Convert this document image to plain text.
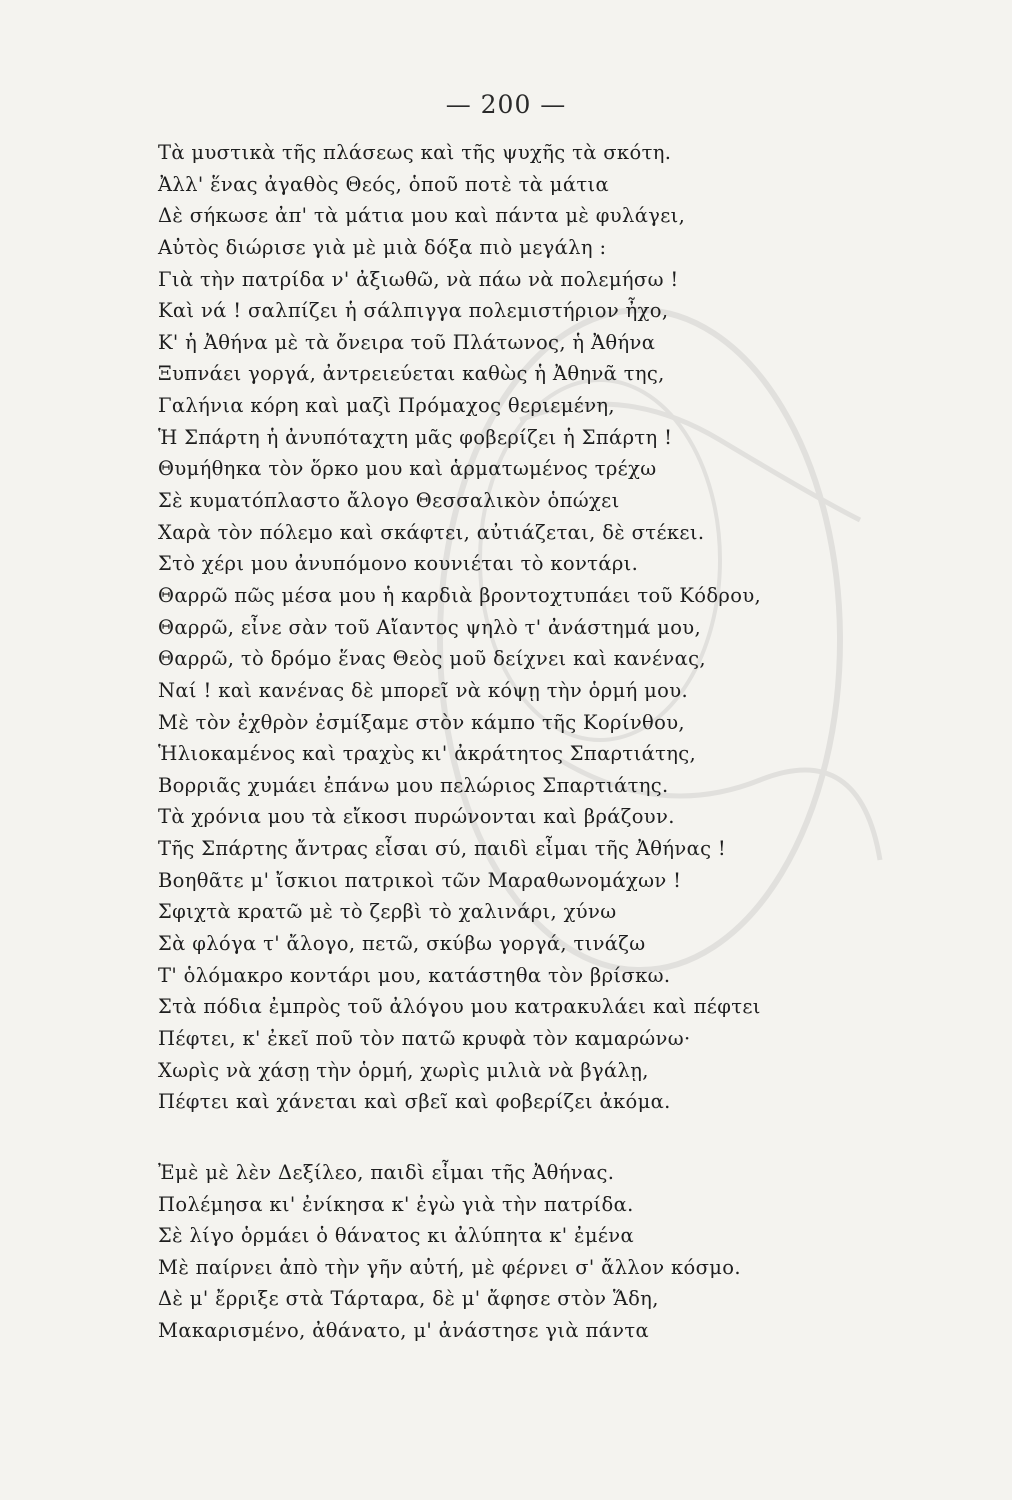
— 200 —
Τὰ μυστικὰ τῆς πλάσεως καὶ τῆς ψυχῆς τὰ σκότη.
Ἀλλ' ἕνας ἀγαθὸς Θεός, ὁποῦ ποτὲ τὰ μάτια
Δὲ σήκωσε ἀπ' τὰ μάτια μου καὶ πάντα μὲ φυλάγει,
Αὐτὸς διώρισε γιὰ μὲ μιὰ δόξα πιὸ μεγάλη :
Γιὰ τὴν πατρίδα ν' ἀξιωθῶ, νὰ πάω νὰ πολεμήσω !
Καὶ νά ! σαλπίζει ἡ σάλπιγγα πολεμιστήριον ἦχο,
Κ' ἡ Ἀθήνα μὲ τὰ ὄνειρα τοῦ Πλάτωνος, ἡ Ἀθήνα
Ξυπνάει γοργά, ἀντρειεύεται καθὼς ἡ Ἀθηνᾶ της,
Γαλήνια κόρη καὶ μαζὶ Πρόμαχος θεριεμένη,
Ἡ Σπάρτη ἡ ἀνυπόταχτη μᾶς φοβερίζει ἡ Σπάρτη !
Θυμήθηκα τὸν ὅρκο μου καὶ ἁρματωμένος τρέχω
Σὲ κυματόπλαστο ἄλογο Θεσσαλικὸν ὁπώχει
Χαρὰ τὸν πόλεμο καὶ σκάφτει, αὐτιάζεται, δὲ στέκει.
Στὸ χέρι μου ἀνυπόμονο κουνιέται τὸ κοντάρι.
Θαρρῶ πῶς μέσα μου ἡ καρδιὰ βροντοχτυπάει τοῦ Κόδρου,
Θαρρῶ, εἶνε σὰν τοῦ Αἴαντος ψηλὸ τ' ἀνάστημά μου,
Θαρρῶ, τὸ δρόμο ἕνας Θεὸς μοῦ δείχνει καὶ κανένας,
Ναί ! καὶ κανένας δὲ μπορεῖ νὰ κόψῃ τὴν ὁρμή μου.
Μὲ τὸν ἐχθρὸν ἐσμίξαμε στὸν κάμπο τῆς Κορίνθου,
Ἡλιοκαμένος καὶ τραχὺς κι' ἀκράτητος Σπαρτιάτης,
Βορριᾶς χυμάει ἐπάνω μου πελώριος Σπαρτιάτης.
Τὰ χρόνια μου τὰ εἴκοσι πυρώνονται καὶ βράζουν.
Τῆς Σπάρτης ἄντρας εἶσαι σύ, παιδὶ εἶμαι τῆς Ἀθήνας !
Βοηθᾶτε μ' ἴσκιοι πατρικοὶ τῶν Μαραθωνομάχων !
Σφιχτὰ κρατῶ μὲ τὸ ζερβὶ τὸ χαλινάρι, χύνω
Σὰ φλόγα τ' ἄλογο, πετῶ, σκύβω γοργά, τινάζω
Τ' ὁλόμακρο κοντάρι μου, κατάστηθα τὸν βρίσκω.
Στὰ πόδια ἐμπρὸς τοῦ ἀλόγου μου κατρακυλάει καὶ πέφτει
Πέφτει, κ' ἐκεῖ ποῦ τὸν πατῶ κρυφὰ τὸν καμαρώνω·
Χωρὶς νὰ χάσῃ τὴν ὁρμή, χωρὶς μιλιὰ νὰ βγάλῃ,
Πέφτει καὶ χάνεται καὶ σβεῖ καὶ φοβερίζει ἀκόμα.
Ἐμὲ μὲ λὲν Δεξίλεο, παιδὶ εἶμαι τῆς Ἀθήνας.
Πολέμησα κι' ἐνίκησα κ' ἐγὼ γιὰ τὴν πατρίδα.
Σὲ λίγο ὁρμάει ὁ θάνατος κι ἀλύπητα κ' ἐμένα
Μὲ παίρνει ἀπὸ τὴν γῆν αὐτή, μὲ φέρνει σ' ἄλλον κόσμο.
Δὲ μ' ἔρριξε στὰ Τάρταρα, δὲ μ' ἄφησε στὸν Ἅδη,
Μακαρισμένο, ἀθάνατο, μ' ἀνάστησε γιὰ πάντα
